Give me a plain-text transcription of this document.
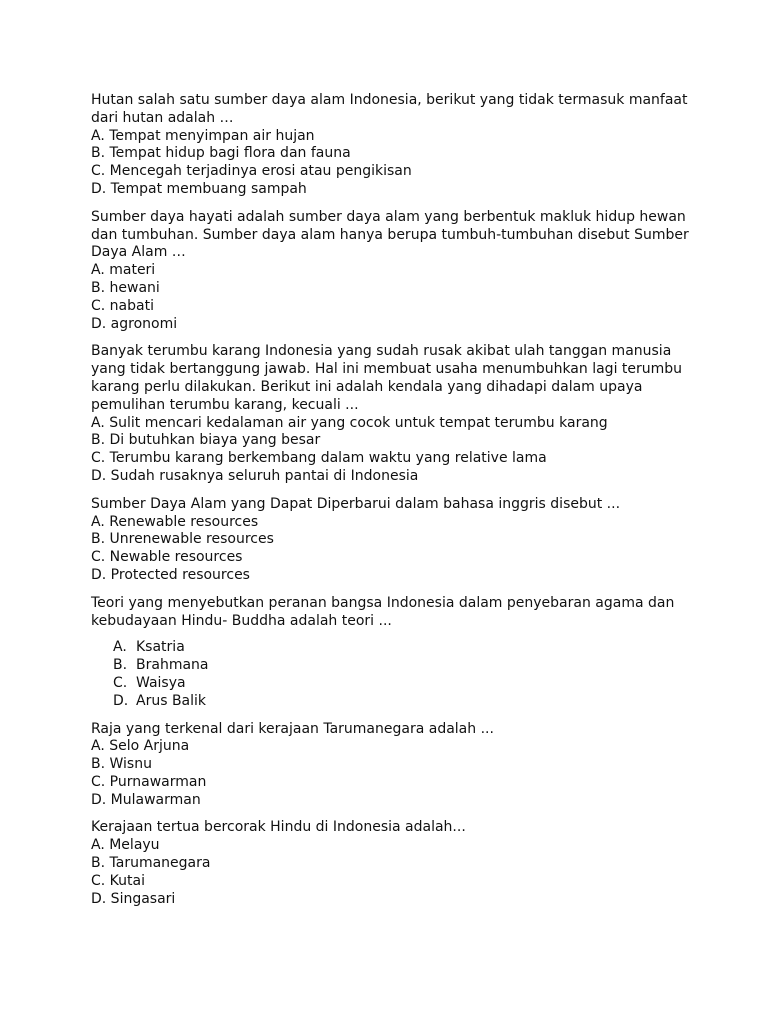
Hutan salah satu sumber daya alam Indonesia, berikut yang tidak termasuk manfaat dari hutan adalah …
A. Tempat menyimpan air hujan
B. Tempat hidup bagi flora dan fauna
C. Mencegah terjadinya erosi atau pengikisan
D. Tempat membuang sampah
Sumber daya hayati adalah sumber daya alam yang berbentuk makluk hidup hewan dan tumbuhan. Sumber daya alam hanya berupa tumbuh-tumbuhan disebut Sumber Daya Alam …
A. materi
B. hewani
C. nabati
D. agronomi
Banyak terumbu karang Indonesia yang sudah rusak akibat ulah tanggan manusia yang tidak bertanggung jawab. Hal ini membuat usaha menumbuhkan lagi terumbu karang perlu dilakukan. Berikut ini adalah kendala yang dihadapi dalam upaya pemulihan terumbu karang, kecuali ...
A. Sulit mencari kedalaman air yang cocok untuk tempat terumbu karang
B. Di butuhkan biaya yang besar
C. Terumbu karang berkembang dalam waktu yang relative lama
D. Sudah rusaknya seluruh pantai di Indonesia
Sumber Daya Alam yang Dapat Diperbarui dalam bahasa inggris disebut ...
A. Renewable resources
B. Unrenewable resources
C. Newable resources
D. Protected resources
Teori yang menyebutkan peranan bangsa Indonesia dalam penyebaran agama dan kebudayaan Hindu- Buddha adalah teori ...
A. Ksatria
B. Brahmana
C. Waisya
D. Arus Balik
Raja yang terkenal dari kerajaan Tarumanegara adalah ...
A. Selo Arjuna
B. Wisnu
C. Purnawarman
D. Mulawarman
Kerajaan tertua bercorak Hindu di Indonesia adalah...
A. Melayu
B. Tarumanegara
C. Kutai
D. Singasari
